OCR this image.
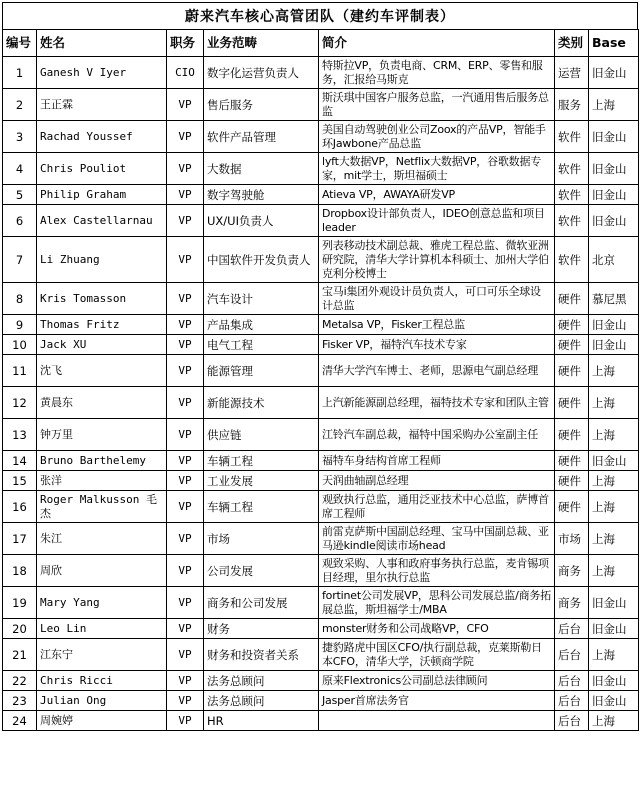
蔚来汽车核心高管团队（建约车评制表）
编号	姓名	职务	业务范畴	简介	类别	Base
1	Ganesh V Iyer	CIO	数字化运营负责人	特斯拉VP，负责电商、CRM、ERP、零售和服务，汇报给马斯克	运营	旧金山
2	王正霖	VP	售后服务	斯沃琪中国客户服务总监，一汽通用售后服务总监	服务	上海
3	Rachad Youssef	VP	软件产品管理	美国自动驾驶创业公司Zoox的产品VP，智能手环Jawbone产品总监	软件	旧金山
4	Chris Pouliot	VP	大数据	lyft大数据VP，Netflix大数据VP，谷歌数据专家，mit学士，斯坦福硕士	软件	旧金山
5	Philip Graham	VP	数字驾驶舱	Atieva VP，AWAYA研发VP	软件	旧金山
6	Alex Castellarnau	VP	UX/UI负责人	Dropbox设计部负责人，IDEO创意总监和项目leader	软件	旧金山
7	Li Zhuang	VP	中国软件开发负责人	列表移动技术副总裁、雅虎工程总监、微软亚洲研究院，清华大学计算机本科硕士、加州大学伯克利分校博士	软件	北京
8	Kris Tomasson	VP	汽车设计	宝马i集团外观设计员负责人，可口可乐全球设计总监	硬件	慕尼黑
9	Thomas Fritz	VP	产品集成	Metalsa VP，Fisker工程总监	硬件	旧金山
10	Jack XU	VP	电气工程	Fisker VP，福特汽车技术专家	硬件	旧金山
11	沈飞	VP	能源管理	清华大学汽车博士、老师，思源电气副总经理	硬件	上海
12	黄晨东	VP	新能源技术	上汽新能源副总经理，福特技术专家和团队主管	硬件	上海
13	钟万里	VP	供应链	江铃汽车副总裁，福特中国采购办公室副主任	硬件	上海
14	Bruno Barthelemy	VP	车辆工程	福特车身结构首席工程师	硬件	旧金山
15	张洋	VP	工业发展	天润曲轴副总经理	硬件	上海
16	Roger Malkusson 毛杰	VP	车辆工程	观致执行总监，通用泛亚技术中心总监，萨博首席工程师	硬件	上海
17	朱江	VP	市场	前雷克萨斯中国副总经理、宝马中国副总裁、亚马逊kindle阅读市场head	市场	上海
18	周欣	VP	公司发展	观致采购、人事和政府事务执行总监，麦肯锡项目经理，里尔执行总监	商务	上海
19	Mary Yang	VP	商务和公司发展	fortinet公司发展VP，思科公司发展总监/商务拓展总监，斯坦福学士/MBA	商务	旧金山
20	Leo Lin	VP	财务	monster财务和公司战略VP，CFO	后台	旧金山
21	江东宁	VP	财务和投资者关系	捷豹路虎中国区CFO/执行副总裁，克莱斯勒日本CFO，清华大学，沃顿商学院	后台	上海
22	Chris Ricci	VP	法务总顾问	原来Flextronics公司副总法律顾问	后台	旧金山
23	Julian Ong	VP	法务总顾问	Jasper首席法务官	后台	旧金山
24	周婉婷	VP	HR		后台	上海
